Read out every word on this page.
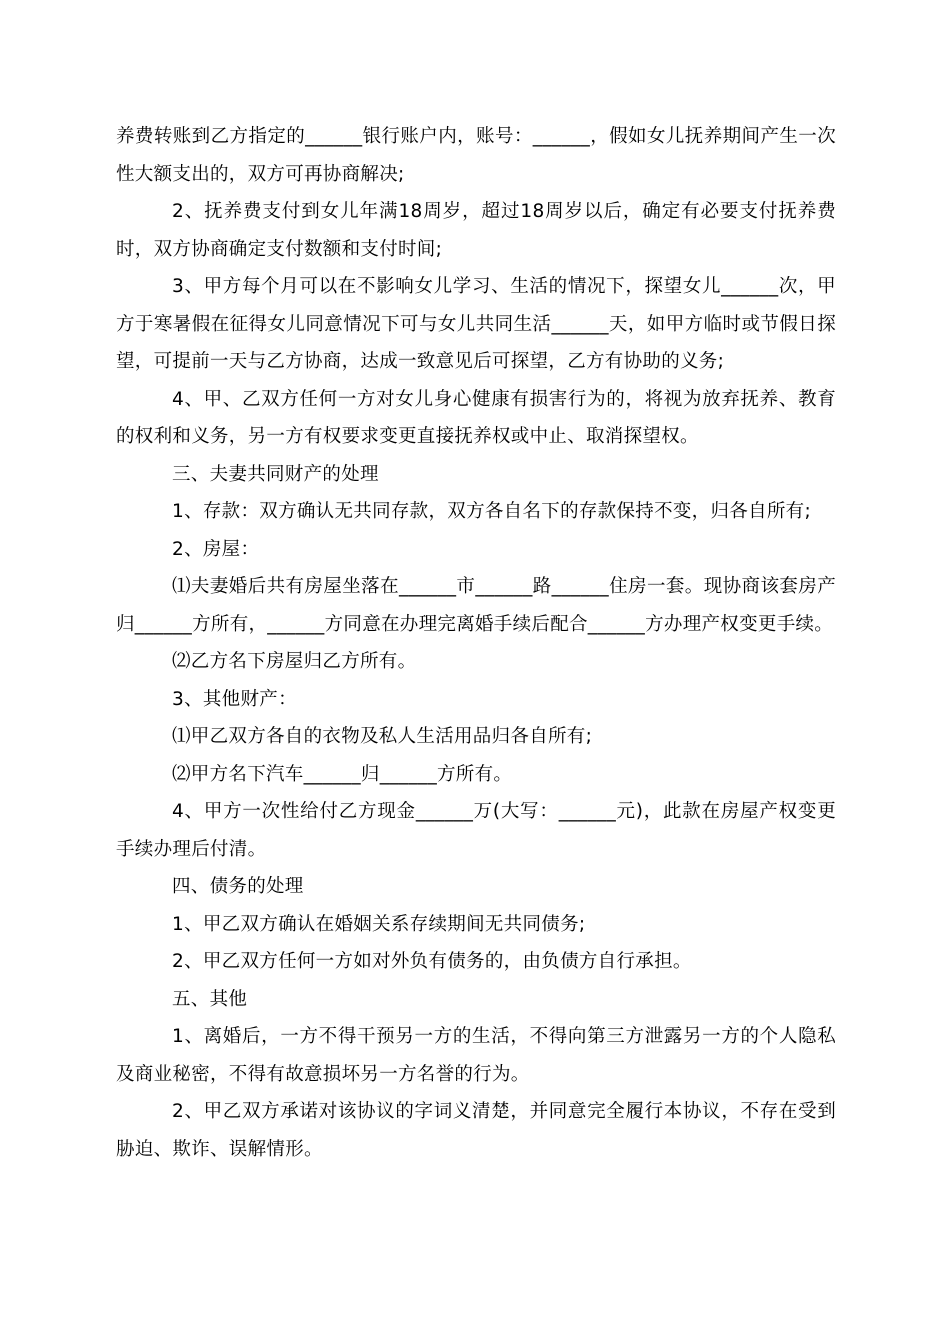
养费转账到乙方指定的______银行账户内，账号：______，假如女儿抚养期间产生一次性大额支出的，双方可再协商解决;

2、抚养费支付到女儿年满18周岁，超过18周岁以后，确定有必要支付抚养费时，双方协商确定支付数额和支付时间;

3、甲方每个月可以在不影响女儿学习、生活的情况下，探望女儿______次，甲方于寒暑假在征得女儿同意情况下可与女儿共同生活______天，如甲方临时或节假日探望，可提前一天与乙方协商，达成一致意见后可探望，乙方有协助的义务;

4、甲、乙双方任何一方对女儿身心健康有损害行为的，将视为放弃抚养、教育的权利和义务，另一方有权要求变更直接抚养权或中止、取消探望权。

三、夫妻共同财产的处理

1、存款：双方确认无共同存款，双方各自名下的存款保持不变，归各自所有;

2、房屋：

⑴夫妻婚后共有房屋坐落在______市______路______住房一套。现协商该套房产归______方所有，______方同意在办理完离婚手续后配合______方办理产权变更手续。

⑵乙方名下房屋归乙方所有。

3、其他财产：

⑴甲乙双方各自的衣物及私人生活用品归各自所有;

⑵甲方名下汽车______归______方所有。

4、甲方一次性给付乙方现金______万(大写：______元)，此款在房屋产权变更手续办理后付清。

四、债务的处理

1、甲乙双方确认在婚姻关系存续期间无共同债务;

2、甲乙双方任何一方如对外负有债务的，由负债方自行承担。

五、其他

1、离婚后，一方不得干预另一方的生活，不得向第三方泄露另一方的个人隐私及商业秘密，不得有故意损坏另一方名誉的行为。

2、甲乙双方承诺对该协议的字词义清楚，并同意完全履行本协议，不存在受到胁迫、欺诈、误解情形。
